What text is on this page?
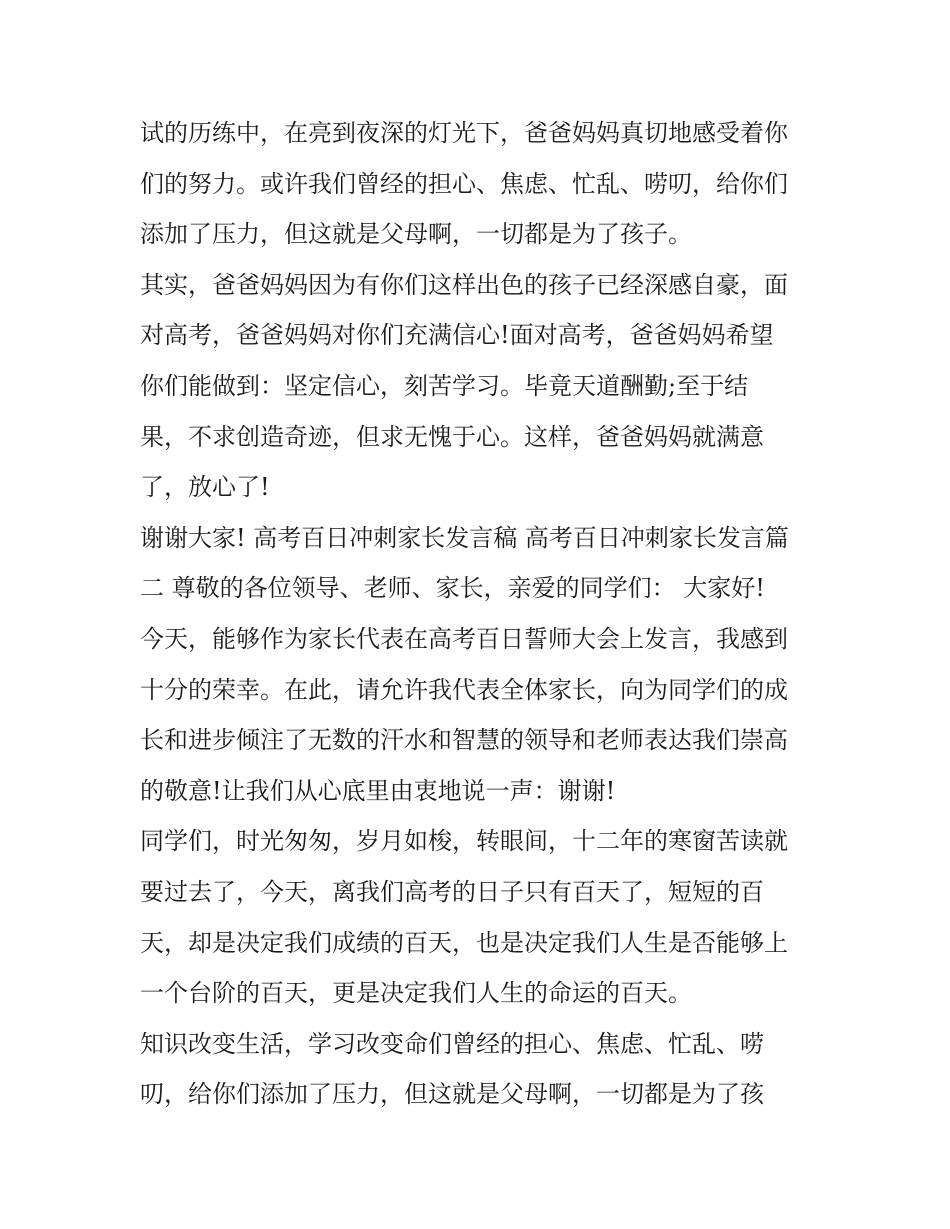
试的历练中，在亮到夜深的灯光下，爸爸妈妈真切地感受着你
们的努力。或许我们曾经的担心、焦虑、忙乱、唠叨，给你们
添加了压力，但这就是父母啊，一切都是为了孩子。
其实，爸爸妈妈因为有你们这样出色的孩子已经深感自豪，面
对高考，爸爸妈妈对你们充满信心!面对高考，爸爸妈妈希望
你们能做到：坚定信心，刻苦学习。毕竟天道酬勤;至于结
果，不求创造奇迹，但求无愧于心。这样，爸爸妈妈就满意
了，放心了!
谢谢大家! 高考百日冲刺家长发言稿 高考百日冲刺家长发言篇
二 尊敬的各位领导、老师、家长，亲爱的同学们： 大家好!
今天，能够作为家长代表在高考百日誓师大会上发言，我感到
十分的荣幸。在此，请允许我代表全体家长，向为同学们的成
长和进步倾注了无数的汗水和智慧的领导和老师表达我们崇高
的敬意!让我们从心底里由衷地说一声：谢谢!
同学们，时光匆匆，岁月如梭，转眼间，十二年的寒窗苦读就
要过去了，今天，离我们高考的日子只有百天了，短短的百
天，却是决定我们成绩的百天，也是决定我们人生是否能够上
一个台阶的百天，更是决定我们人生的命运的百天。
知识改变生活，学习改变命们曾经的担心、焦虑、忙乱、唠
叨，给你们添加了压力，但这就是父母啊，一切都是为了孩
